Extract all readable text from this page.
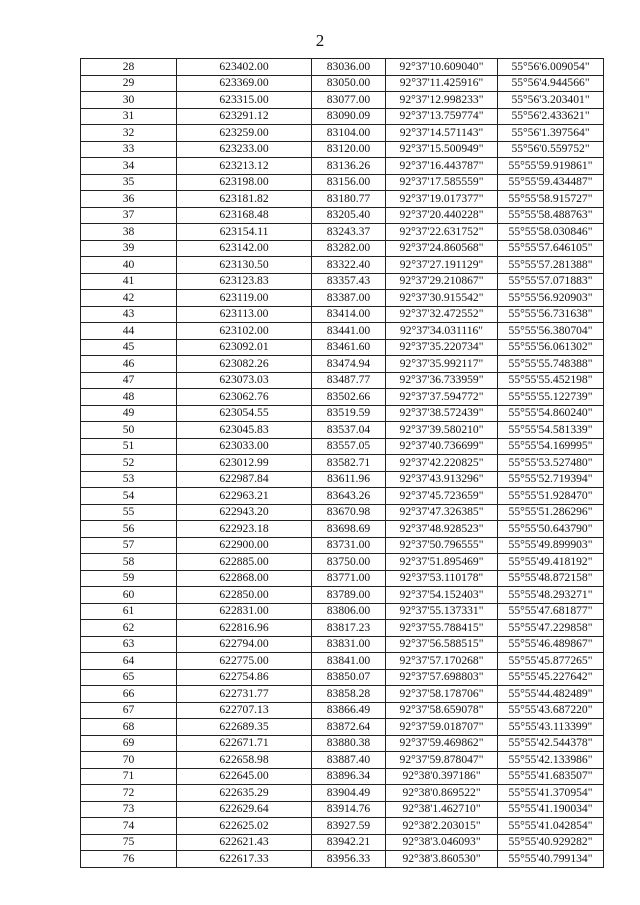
2
28	623402.00	83036.00	92°37'10.609040"	55°56'6.009054"
29	623369.00	83050.00	92°37'11.425916"	55°56'4.944566"
30	623315.00	83077.00	92°37'12.998233"	55°56'3.203401"
31	623291.12	83090.09	92°37'13.759774"	55°56'2.433621"
32	623259.00	83104.00	92°37'14.571143"	55°56'1.397564"
33	623233.00	83120.00	92°37'15.500949"	55°56'0.559752"
34	623213.12	83136.26	92°37'16.443787"	55°55'59.919861"
35	623198.00	83156.00	92°37'17.585559"	55°55'59.434487"
36	623181.82	83180.77	92°37'19.017377"	55°55'58.915727"
37	623168.48	83205.40	92°37'20.440228"	55°55'58.488763"
38	623154.11	83243.37	92°37'22.631752"	55°55'58.030846"
39	623142.00	83282.00	92°37'24.860568"	55°55'57.646105"
40	623130.50	83322.40	92°37'27.191129"	55°55'57.281388"
41	623123.83	83357.43	92°37'29.210867"	55°55'57.071883"
42	623119.00	83387.00	92°37'30.915542"	55°55'56.920903"
43	623113.00	83414.00	92°37'32.472552"	55°55'56.731638"
44	623102.00	83441.00	92°37'34.031116"	55°55'56.380704"
45	623092.01	83461.60	92°37'35.220734"	55°55'56.061302"
46	623082.26	83474.94	92°37'35.992117"	55°55'55.748388"
47	623073.03	83487.77	92°37'36.733959"	55°55'55.452198"
48	623062.76	83502.66	92°37'37.594772"	55°55'55.122739"
49	623054.55	83519.59	92°37'38.572439"	55°55'54.860240"
50	623045.83	83537.04	92°37'39.580210"	55°55'54.581339"
51	623033.00	83557.05	92°37'40.736699"	55°55'54.169995"
52	623012.99	83582.71	92°37'42.220825"	55°55'53.527480"
53	622987.84	83611.96	92°37'43.913296"	55°55'52.719394"
54	622963.21	83643.26	92°37'45.723659"	55°55'51.928470"
55	622943.20	83670.98	92°37'47.326385"	55°55'51.286296"
56	622923.18	83698.69	92°37'48.928523"	55°55'50.643790"
57	622900.00	83731.00	92°37'50.796555"	55°55'49.899903"
58	622885.00	83750.00	92°37'51.895469"	55°55'49.418192"
59	622868.00	83771.00	92°37'53.110178"	55°55'48.872158"
60	622850.00	83789.00	92°37'54.152403"	55°55'48.293271"
61	622831.00	83806.00	92°37'55.137331"	55°55'47.681877"
62	622816.96	83817.23	92°37'55.788415"	55°55'47.229858"
63	622794.00	83831.00	92°37'56.588515"	55°55'46.489867"
64	622775.00	83841.00	92°37'57.170268"	55°55'45.877265"
65	622754.86	83850.07	92°37'57.698803"	55°55'45.227642"
66	622731.77	83858.28	92°37'58.178706"	55°55'44.482489"
67	622707.13	83866.49	92°37'58.659078"	55°55'43.687220"
68	622689.35	83872.64	92°37'59.018707"	55°55'43.113399"
69	622671.71	83880.38	92°37'59.469862"	55°55'42.544378"
70	622658.98	83887.40	92°37'59.878047"	55°55'42.133986"
71	622645.00	83896.34	92°38'0.397186"	55°55'41.683507"
72	622635.29	83904.49	92°38'0.869522"	55°55'41.370954"
73	622629.64	83914.76	92°38'1.462710"	55°55'41.190034"
74	622625.02	83927.59	92°38'2.203015"	55°55'41.042854"
75	622621.43	83942.21	92°38'3.046093"	55°55'40.929282"
76	622617.33	83956.33	92°38'3.860530"	55°55'40.799134"
